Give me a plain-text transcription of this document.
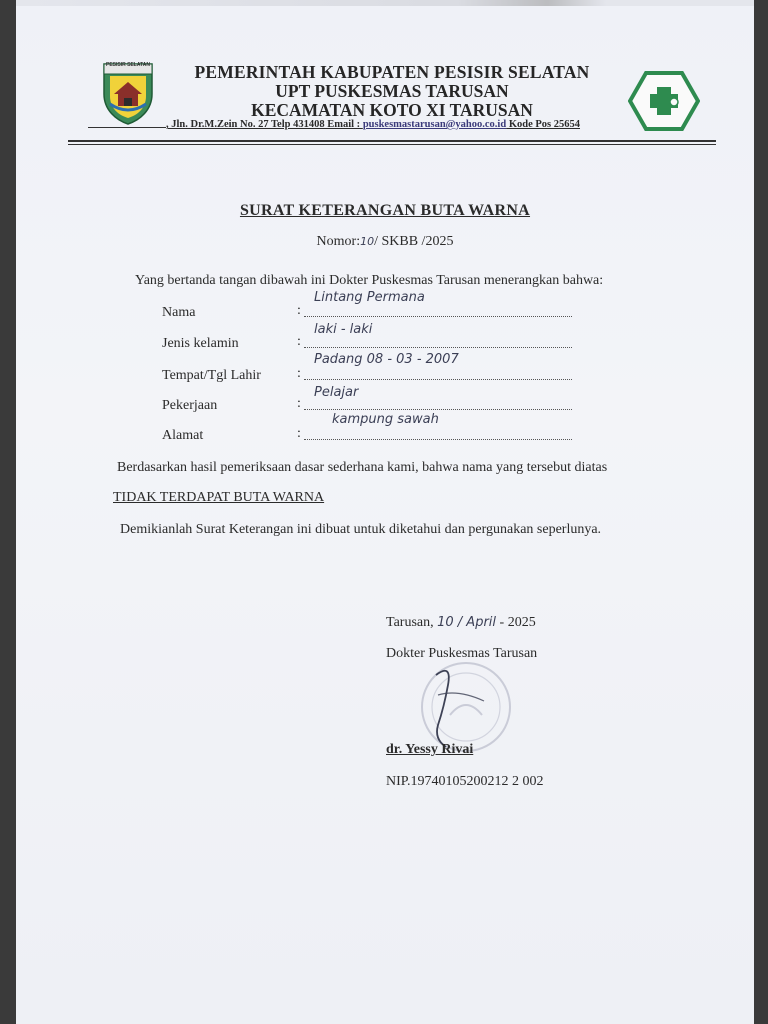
PESISIR SELATAN	PEMERINTAH KABUPATEN PESISIR SELATAN
UPT PUSKESMAS TARUSAN
KECAMATAN KOTO XI TARUSAN
, Jln. Dr.M.Zein No. 27 Telp 431408 Email : puskesmastarusan@yahoo.co.id Kode Pos 25654
SURAT KETERANGAN BUTA WARNA
Nomor:10/ SKBB /2025
Yang bertanda tangan dibawah ini Dokter Puskesmas Tarusan menerangkan bahwa:
Nama	:
Lintang Permana
Jenis kelamin	:
laki - laki
Tempat/Tgl Lahir	:
Padang 08 - 03 - 2007
Pekerjaan	:
Pelajar
Alamat	:
kampung sawah
Berdasarkan hasil pemeriksaan dasar sederhana kami, bahwa nama yang tersebut diatas
TIDAK TERDAPAT BUTA WARNA
Demikianlah Surat Keterangan ini dibuat untuk diketahui dan pergunakan seperlunya.
Tarusan, 10 / April - 2025
Dokter Puskesmas Tarusan
dr. Yessy Rivai
NIP.19740105200212 2 002
